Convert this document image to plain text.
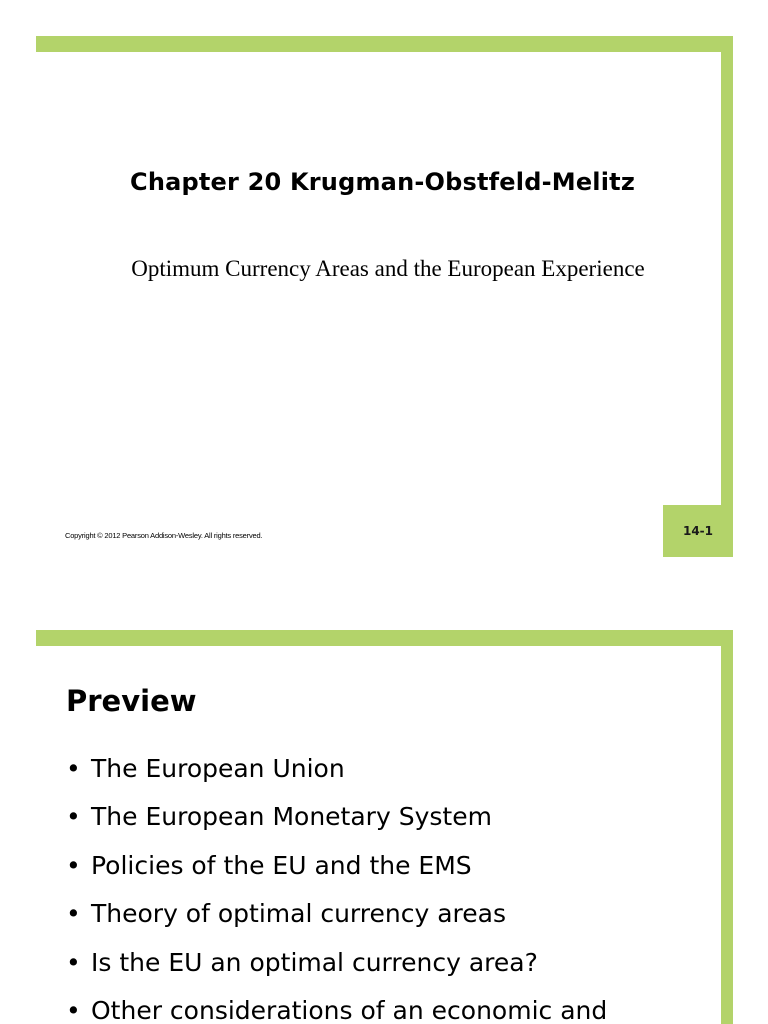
Chapter 20 Krugman-Obstfeld-Melitz

Optimum Currency Areas and the European Experience

Copyright © 2012 Pearson Addison-Wesley. All rights reserved.	14-1
Preview
• The European Union
• The European Monetary System
• Policies of the EU and the EMS
• Theory of optimal currency areas
• Is the EU an optimal currency area?
• Other considerations of an economic and
